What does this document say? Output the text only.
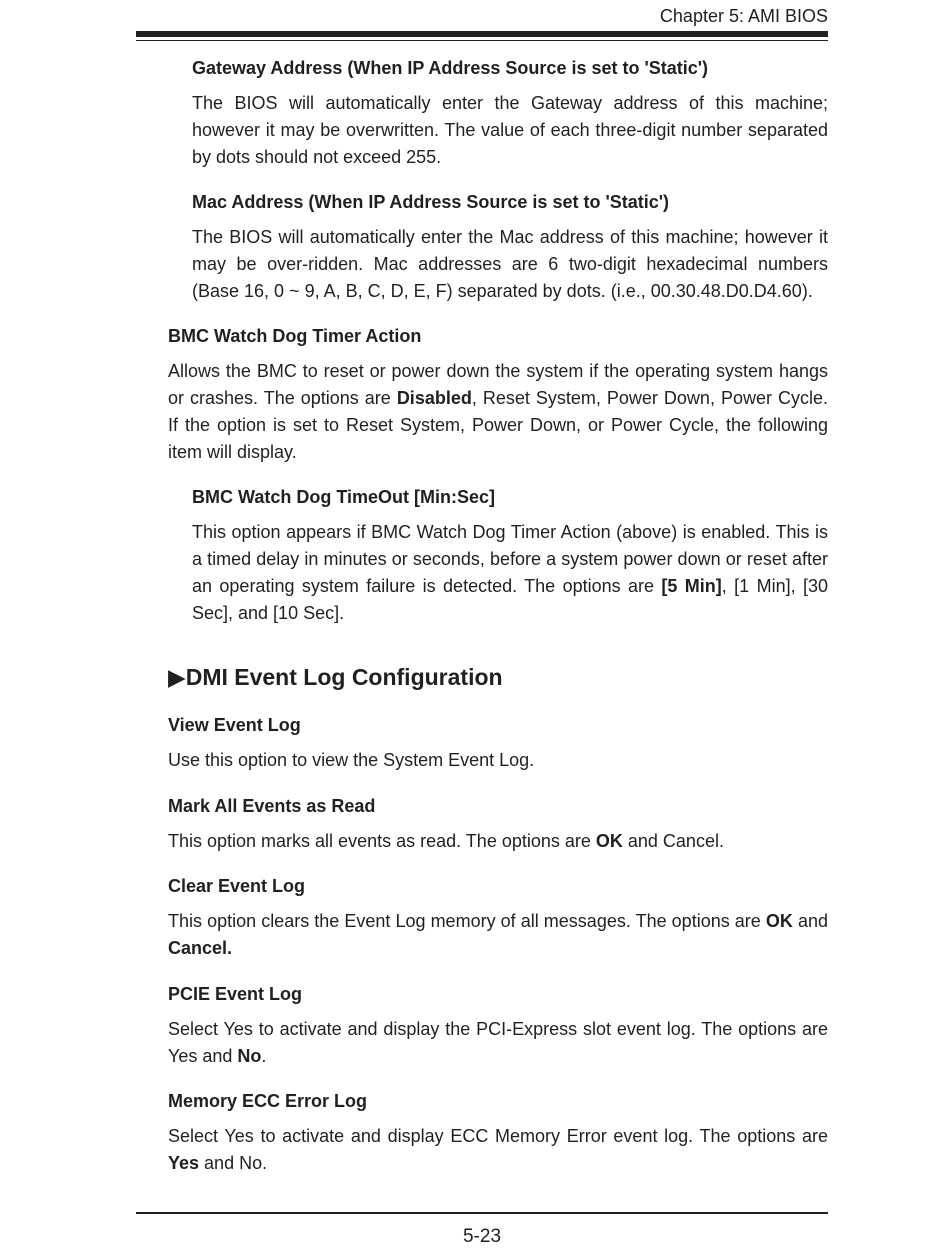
Chapter 5: AMI BIOS
Gateway Address (When IP Address Source is set to 'Static')

The BIOS will automatically enter the Gateway address of this machine; however it may be overwritten. The value of each three-digit number separated by dots should not exceed 255.

Mac Address (When IP Address Source is set to 'Static')

The BIOS will automatically enter the Mac address of this machine; however it may be over-ridden. Mac addresses are 6 two-digit hexadecimal numbers (Base 16, 0 ~ 9, A, B, C, D, E, F) separated by dots. (i.e., 00.30.48.D0.D4.60).

BMC Watch Dog Timer Action

Allows the BMC to reset or power down the system if the operating system hangs or crashes. The options are Disabled, Reset System, Power Down, Power Cycle. If the option is set to Reset System, Power Down, or Power Cycle, the following item will display.

BMC Watch Dog TimeOut [Min:Sec]

This option appears if BMC Watch Dog Timer Action (above) is enabled. This is a timed delay in minutes or seconds, before a system power down or reset after an operating system failure is detected. The options are [5 Min], [1 Min], [30 Sec], and [10 Sec].

▶DMI Event Log Configuration
View Event Log

Use this option to view the System Event Log.

Mark All Events as Read

This option marks all events as read. The options are OK and Cancel.

Clear Event Log

This option clears the Event Log memory of all messages. The options are OK and Cancel.

PCIE Event Log

Select Yes to activate and display the PCI-Express slot event log. The options are Yes and No.

Memory ECC Error Log

Select Yes to activate and display ECC Memory Error event log. The options are Yes and No.

5-23
